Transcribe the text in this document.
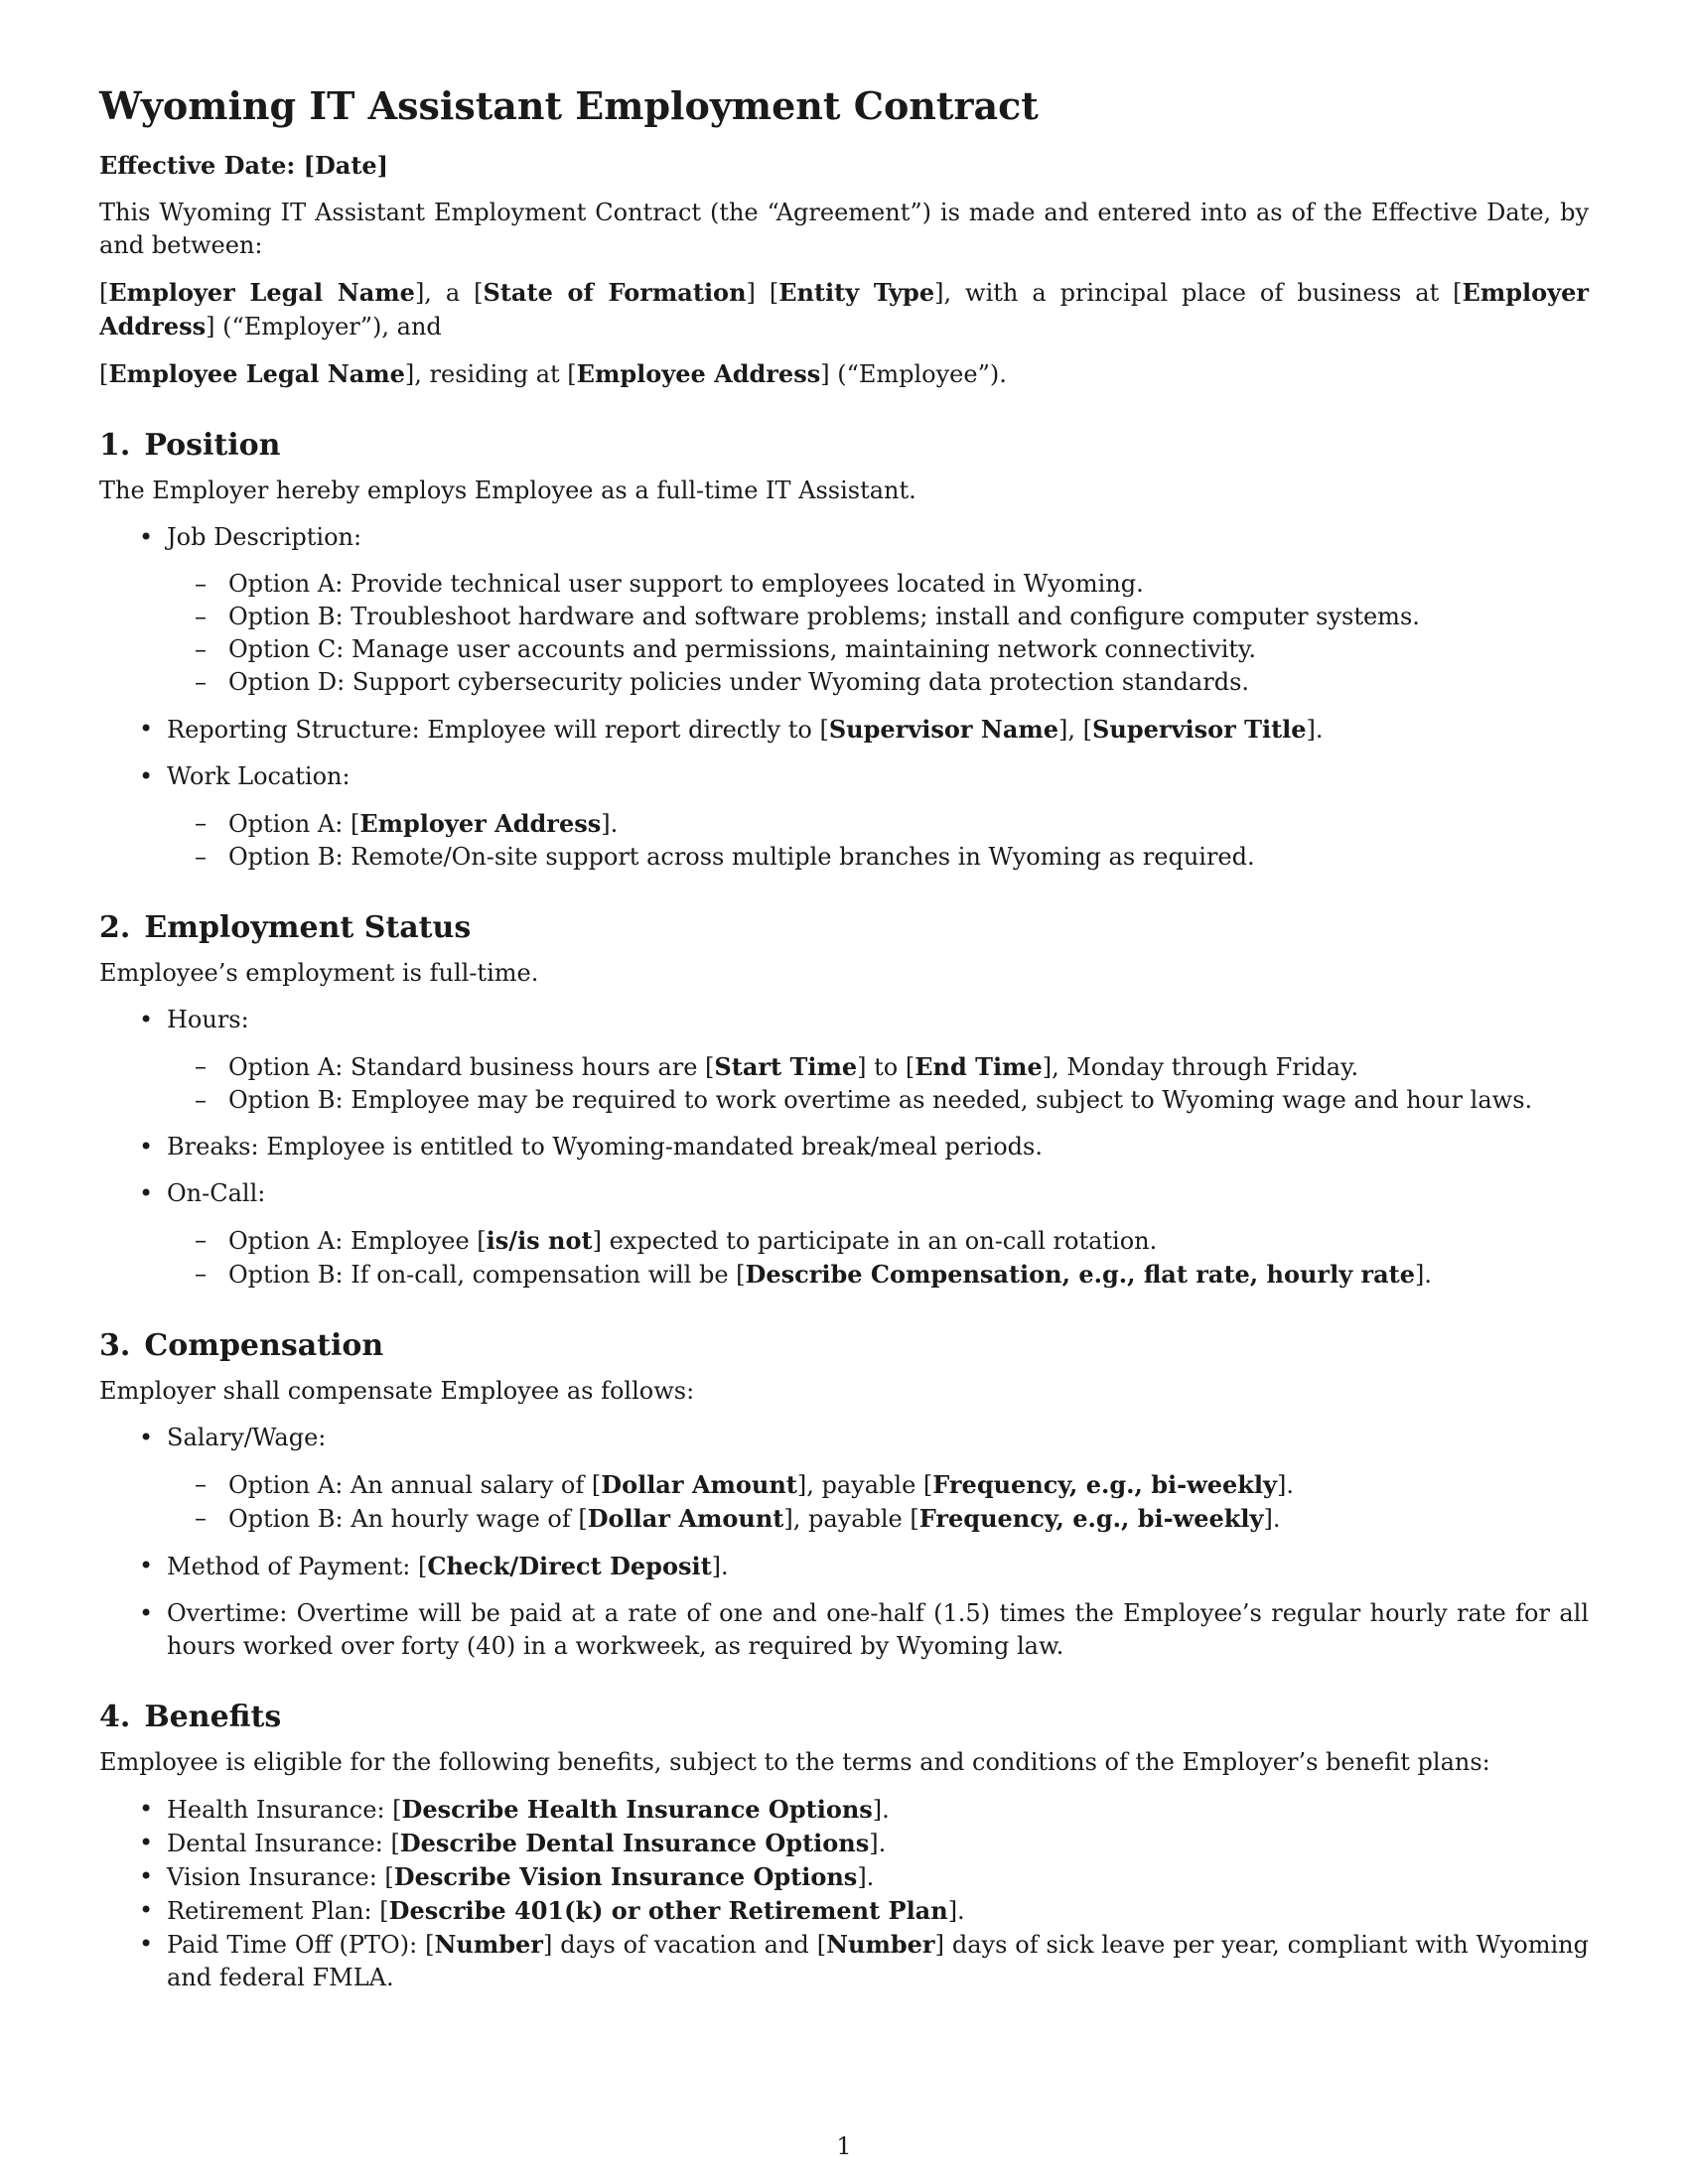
Wyoming IT Assistant Employment Contract

Effective Date: [Date]

This Wyoming IT Assistant Employment Contract (the “Agreement”) is made and entered into as of the Effective Date, by and between:

[Employer Legal Name], a [State of Formation] [Entity Type], with a principal place of business at [Employer Address] (“Employer”), and

[Employee Legal Name], residing at [Employee Address] (“Employee”).

1. Position

The Employer hereby employs Employee as a full-time IT Assistant.

• Job Description:
– Option A: Provide technical user support to employees located in Wyoming.
– Option B: Troubleshoot hardware and software problems; install and configure computer systems.
– Option C: Manage user accounts and permissions, maintaining network connectivity.
– Option D: Support cybersecurity policies under Wyoming data protection standards.
• Reporting Structure: Employee will report directly to [Supervisor Name], [Supervisor Title].
• Work Location:
– Option A: [Employer Address].
– Option B: Remote/On-site support across multiple branches in Wyoming as required.
2. Employment Status

Employee’s employment is full-time.

• Hours:
– Option A: Standard business hours are [Start Time] to [End Time], Monday through Friday.
– Option B: Employee may be required to work overtime as needed, subject to Wyoming wage and hour laws.
• Breaks: Employee is entitled to Wyoming-mandated break/meal periods.
• On-Call:
– Option A: Employee [is/is not] expected to participate in an on-call rotation.
– Option B: If on-call, compensation will be [Describe Compensation, e.g., flat rate, hourly rate].
3. Compensation

Employer shall compensate Employee as follows:

• Salary/Wage:
– Option A: An annual salary of [Dollar Amount], payable [Frequency, e.g., bi-weekly].
– Option B: An hourly wage of [Dollar Amount], payable [Frequency, e.g., bi-weekly].
• Method of Payment: [Check/Direct Deposit].
• Overtime: Overtime will be paid at a rate of one and one-half (1.5) times the Employee’s regular hourly rate for all hours worked over forty (40) in a workweek, as required by Wyoming law.
4. Benefits

Employee is eligible for the following benefits, subject to the terms and conditions of the Employer’s benefit plans:

• Health Insurance: [Describe Health Insurance Options].
• Dental Insurance: [Describe Dental Insurance Options].
• Vision Insurance: [Describe Vision Insurance Options].
• Retirement Plan: [Describe 401(k) or other Retirement Plan].
• Paid Time Off (PTO): [Number] days of vacation and [Number] days of sick leave per year, compliant with Wyoming and federal FMLA.
1
